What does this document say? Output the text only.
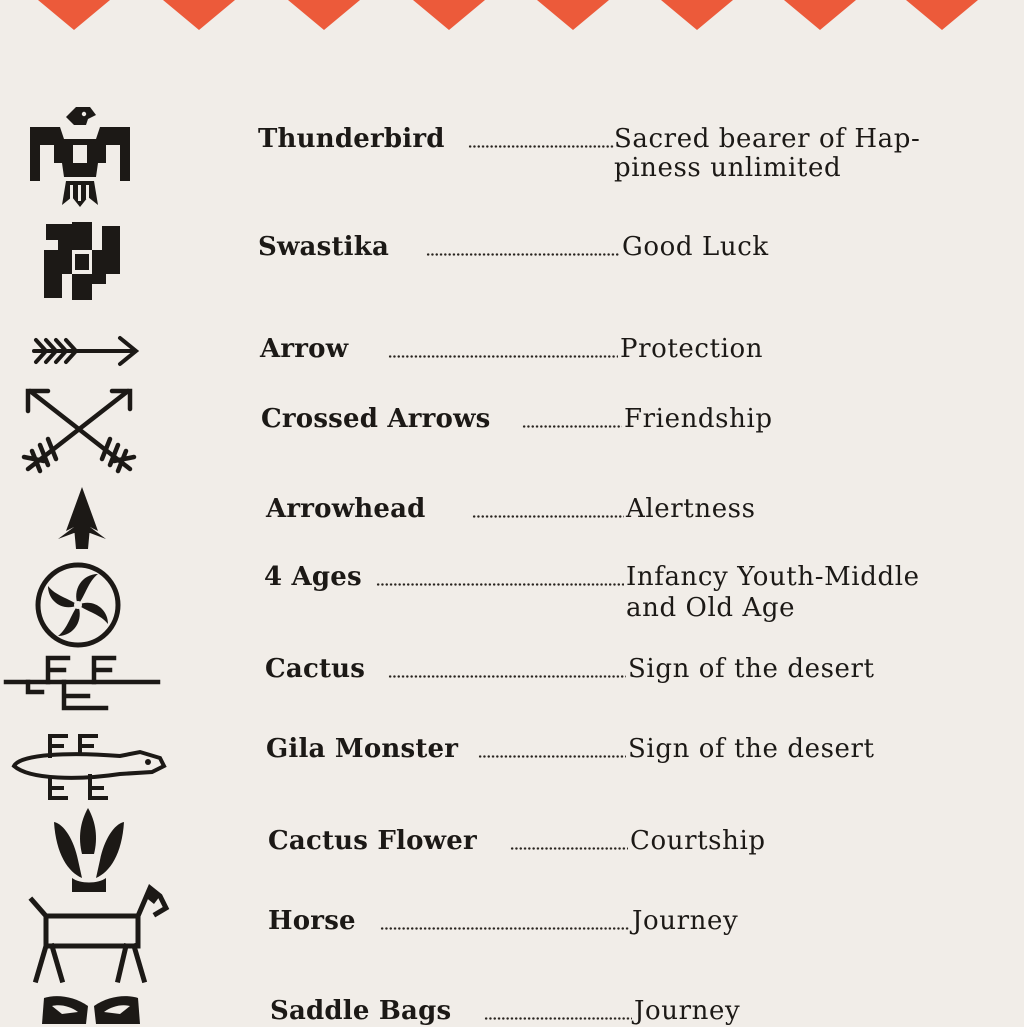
Thunderbird	Sacred bearer of Hap-
piness unlimited
Swastika	Good Luck
Arrow	Protection
Crossed Arrows	Friendship
Arrowhead	Alertness
4 Ages	Infancy Youth-Middle
and Old Age
Cactus	Sign of the desert
Gila Monster	Sign of the desert
Cactus Flower	Courtship
Horse	Journey
Saddle Bags	Journey
